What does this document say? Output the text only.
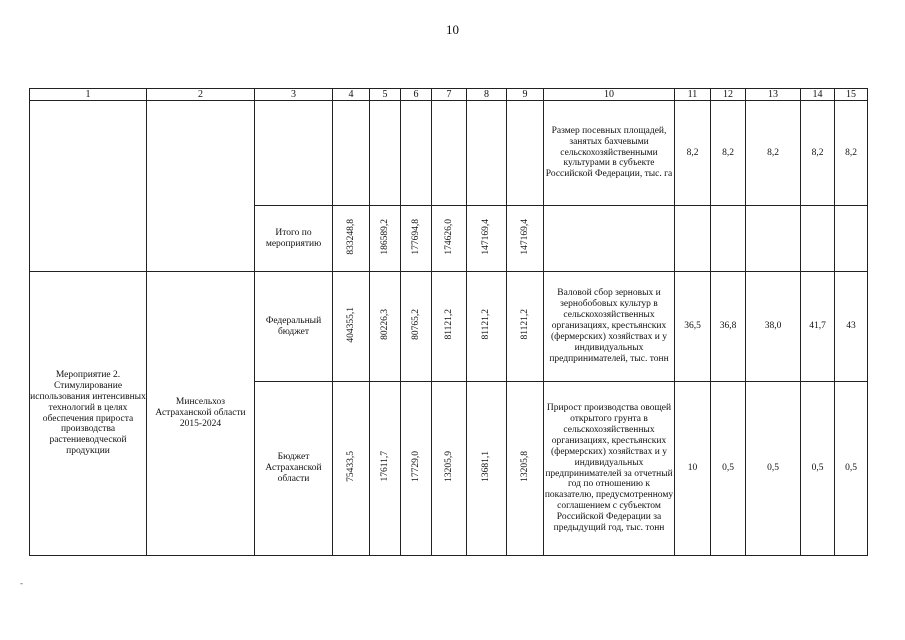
10
1	2	3	4	5	6	7	8	9	10	11	12	13	14	15
									Размер посевных площадей, занятых бахчевыми сельскохозяйственными культурами в субъекте Российской Федерации, тыс. га	8,2	8,2	8,2	8,2	8,2
		Итого по мероприятию	833248,8	186589,2	177694,8	174626,0	147169,4	147169,4						
Мероприятие 2. Стимулирование использования интенсивных технологий в целях обеспечения прироста производства растениеводческой продукции	Минсельхоз Астраханской области 2015-2024	Федеральный бюджет	404355,1	80226,3	80765,2	81121,2	81121,2	81121,2	Валовой сбор зерновых и зернобобовых культур в сельскохозяйственных организациях, крестьянских (фермерских) хозяйствах и у индивидуальных предпринимателей, тыс. тонн	36,5	36,8	38,0	41,7	43
		Бюджет Астраханской области	75433,5	17611,7	17729,0	13205,9	13681,1	13205,8	Прирост производства овощей открытого грунта в сельскохозяйственных организациях, крестьянских (фермерских) хозяйствах и у индивидуальных предпринимателей за отчетный год по отношению к показателю, предусмотренному соглашением с субъектом Российской Федерации за предыдущий год, тыс. тонн	10	0,5	0,5	0,5	0,5
-
